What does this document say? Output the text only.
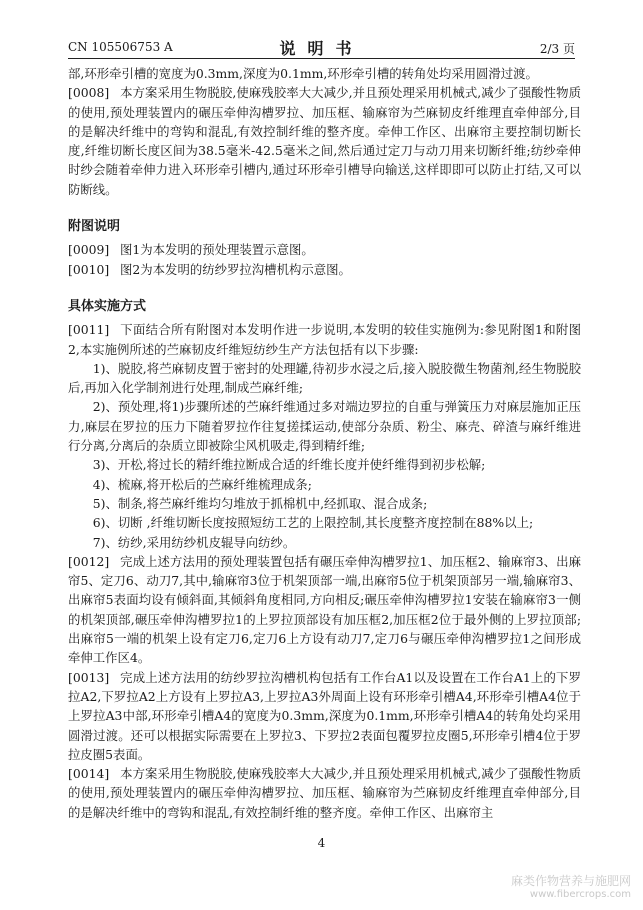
CN 105506753 A	说明书	2/3 页

部,环形牵引槽的宽度为0.3mm,深度为0.1mm,环形牵引槽的转角处均采用圆滑过渡。

[0008] 本方案采用生物脱胶,使麻残胶率大大减少,并且预处理采用机械式,减少了强酸性物质的使用,预处理装置内的碾压牵伸沟槽罗拉、加压框、输麻帘为苎麻韧皮纤维理直牵伸部分,目的是解决纤维中的弯钩和混乱,有效控制纤维的整齐度。牵伸工作区、出麻帘主要控制切断长度,纤维切断长度区间为38.5毫米-42.5毫米之间,然后通过定刀与动刀用来切断纤维;纺纱牵伸时纱会随着牵伸力进入环形牵引槽内,通过环形牵引槽导向输送,这样即即可以防止打结,又可以防断线。

附图说明

[0009] 图1为本发明的预处理装置示意图。

[0010] 图2为本发明的纺纱罗拉沟槽机构示意图。

具体实施方式

[0011] 下面结合所有附图对本发明作进一步说明,本发明的较佳实施例为:参见附图1和附图2,本实施例所述的苎麻韧皮纤维短纺纱生产方法包括有以下步骤:

1)、脱胶,将苎麻韧皮置于密封的处理罐,待初步水浸之后,接入脱胶微生物菌剂,经生物脱胶后,再加入化学制剂进行处理,制成苎麻纤维;

2)、预处理,将1)步骤所述的苎麻纤维通过多对端边罗拉的自重与弹簧压力对麻层施加正压力,麻层在罗拉的压力下随着罗拉作往复搓揉运动,使部分杂质、粉尘、麻壳、碎渣与麻纤维进行分离,分离后的杂质立即被除尘风机吸走,得到精纤维;

3)、开松,将过长的精纤维拉断成合适的纤维长度并使纤维得到初步松解;

4)、梳麻,将开松后的苎麻纤维梳理成条;

5)、制条,将苎麻纤维均匀堆放于抓棉机中,经抓取、混合成条;

6)、切断 ,纤维切断长度按照短纺工艺的上限控制,其长度整齐度控制在88%以上;

7)、纺纱,采用纺纱机皮辊导向纺纱。

[0012] 完成上述方法用的预处理装置包括有碾压牵伸沟槽罗拉1、加压框2、输麻帘3、出麻帘5、定刀6、动刀7,其中,输麻帘3位于机架顶部一端,出麻帘5位于机架顶部另一端,输麻帘3、出麻帘5表面均设有倾斜面,其倾斜角度相同,方向相反;碾压牵伸沟槽罗拉1安装在输麻帘3一侧的机架顶部,碾压牵伸沟槽罗拉1的上罗拉顶部设有加压框2,加压框2位于最外侧的上罗拉顶部;出麻帘5一端的机架上设有定刀6,定刀6上方设有动刀7,定刀6与碾压牵伸沟槽罗拉1之间形成牵伸工作区4。

[0013] 完成上述方法用的纺纱罗拉沟槽机构包括有工作台A1以及设置在工作台A1上的下罗拉A2,下罗拉A2上方设有上罗拉A3,上罗拉A3外周面上设有环形牵引槽A4,环形牵引槽A4位于上罗拉A3中部,环形牵引槽A4的宽度为0.3mm,深度为0.1mm,环形牵引槽A4的转角处均采用圆滑过渡。还可以根据实际需要在上罗拉3、下罗拉2表面包覆罗拉皮圈5,环形牵引槽4位于罗拉皮圈5表面。

[0014] 本方案采用生物脱胶,使麻残胶率大大减少,并且预处理采用机械式,减少了强酸性物质的使用,预处理装置内的碾压牵伸沟槽罗拉、加压框、输麻帘为苎麻韧皮纤维理直牵伸部分,目的是解决纤维中的弯钩和混乱,有效控制纤维的整齐度。牵伸工作区、出麻帘主

4
麻类作物营养与施肥网
www.fibercrops.com
